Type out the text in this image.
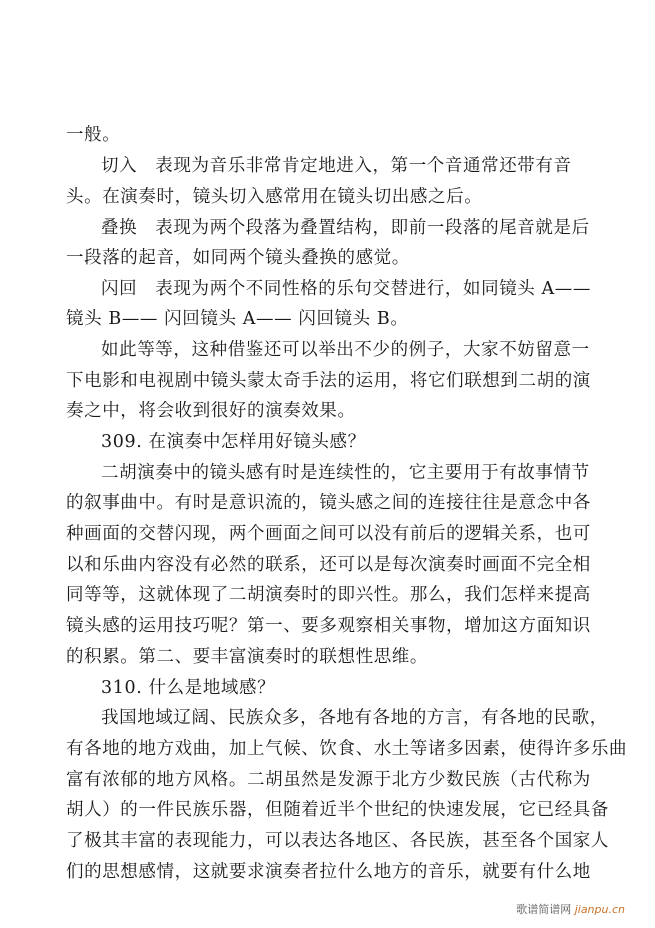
一般。
切入　表现为音乐非常肯定地进入，第一个音通常还带有音
头。在演奏时，镜头切入感常用在镜头切出感之后。
叠换　表现为两个段落为叠置结构，即前一段落的尾音就是后
一段落的起音，如同两个镜头叠换的感觉。
闪回　表现为两个不同性格的乐句交替进行，如同镜头 A——
镜头 B—— 闪回镜头 A—— 闪回镜头 B。
如此等等，这种借鉴还可以举出不少的例子，大家不妨留意一
下电影和电视剧中镜头蒙太奇手法的运用，将它们联想到二胡的演
奏之中，将会收到很好的演奏效果。
309. 在演奏中怎样用好镜头感？
二胡演奏中的镜头感有时是连续性的，它主要用于有故事情节
的叙事曲中。有时是意识流的，镜头感之间的连接往往是意念中各
种画面的交替闪现，两个画面之间可以没有前后的逻辑关系，也可
以和乐曲内容没有必然的联系，还可以是每次演奏时画面不完全相
同等等，这就体现了二胡演奏时的即兴性。那么，我们怎样来提高
镜头感的运用技巧呢？第一、要多观察相关事物，增加这方面知识
的积累。第二、要丰富演奏时的联想性思维。
310. 什么是地域感？
我国地域辽阔、民族众多，各地有各地的方言，有各地的民歌，
有各地的地方戏曲，加上气候、饮食、水土等诸多因素，使得许多乐曲
富有浓郁的地方风格。二胡虽然是发源于北方少数民族（古代称为
胡人）的一件民族乐器，但随着近半个世纪的快速发展，它已经具备
了极其丰富的表现能力，可以表达各地区、各民族，甚至各个国家人
们的思想感情，这就要求演奏者拉什么地方的音乐，就要有什么地
歌谱简谱网 jianpu.cn
